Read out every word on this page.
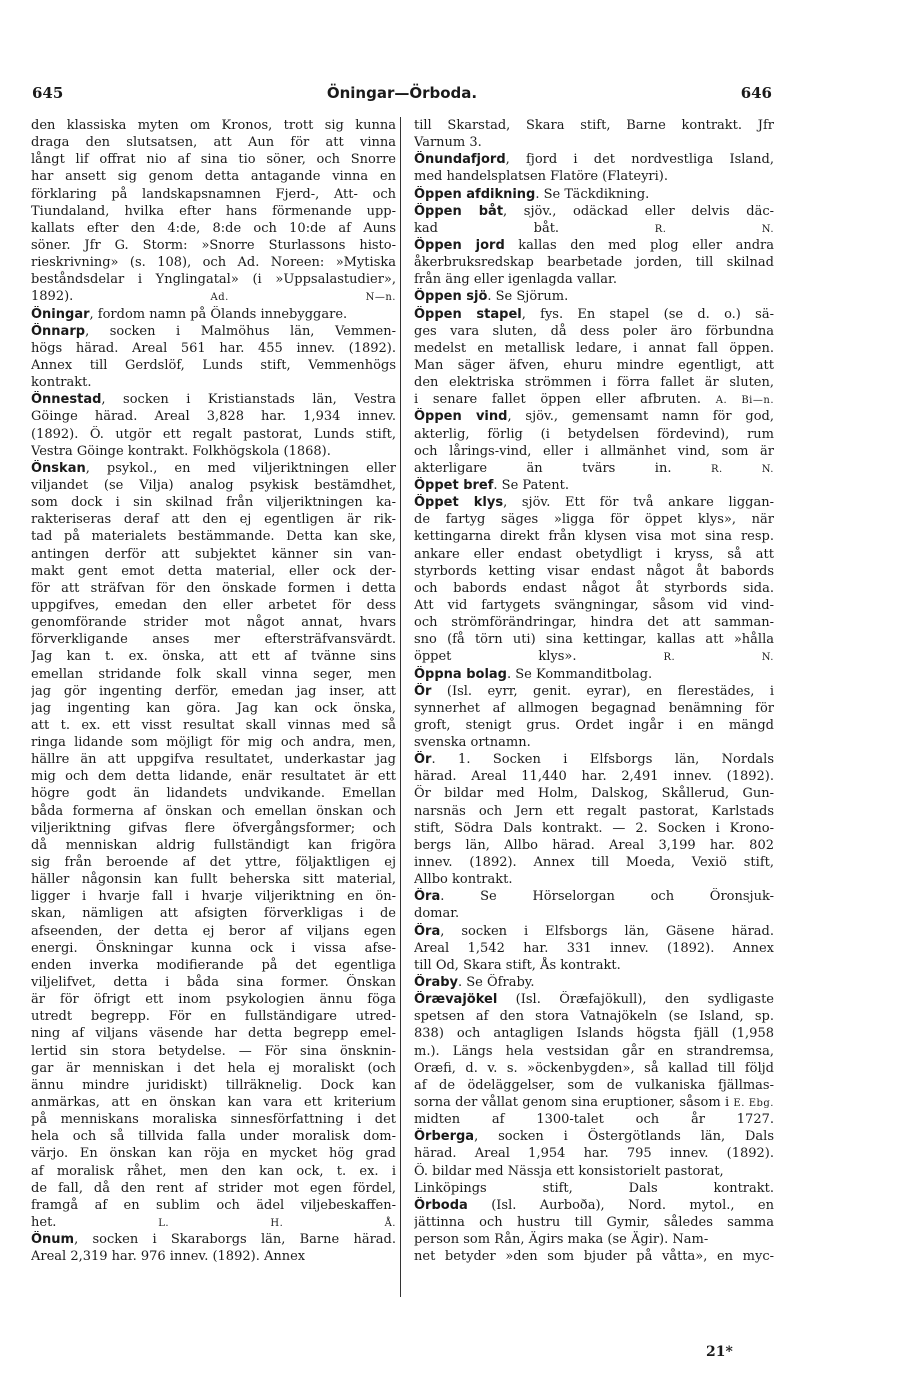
645	Öningar—Örboda.	646
den klassiska myten om Kronos, trott sig kunna
draga den slutsatsen, att Aun för att vinna
långt lif offrat nio af sina tio söner, och Snorre
har ansett sig genom detta antagande vinna en
förklaring på landskapsnamnen Fjerd-, Att- och
Tiundaland, hvilka efter hans förmenande upp-
kallats efter den 4:de, 8:de och 10:de af Auns
söner. Jfr G. Storm: »Snorre Sturlassons histo-
rieskrivning» (s. 108), och Ad. Noreen: »Mytiska
beståndsdelar i Ynglingatal» (i »Uppsalastudier»,
1892).	Ad. N—n.
Öningar, fordom namn på Ölands innebyggare.
Önnarp, socken i Malmöhus län, Vemmen-
högs härad. Areal 561 har. 455 innev. (1892).
Annex till Gerdslöf, Lunds stift, Vemmenhögs
kontrakt.
Önnestad, socken i Kristianstads län, Vestra
Göinge härad. Areal 3,828 har. 1,934 innev.
(1892). Ö. utgör ett regalt pastorat, Lunds stift,
Vestra Göinge kontrakt. Folkhögskola (1868).
Önskan, psykol., en med viljeriktningen eller
viljandet (se Vilja) analog psykisk bestämdhet,
som dock i sin skilnad från viljeriktningen ka-
rakteriseras deraf att den ej egentligen är rik-
tad på materialets bestämmande. Detta kan ske,
antingen derför att subjektet känner sin van-
makt gent emot detta material, eller ock der-
för att sträfvan för den önskade formen i detta
uppgifves, emedan den eller arbetet för dess
genomförande strider mot något annat, hvars
förverkligande anses mer eftersträfvansvärdt.
Jag kan t. ex. önska, att ett af tvänne sins
emellan stridande folk skall vinna seger, men
jag gör ingenting derför, emedan jag inser, att
jag ingenting kan göra. Jag kan ock önska,
att t. ex. ett visst resultat skall vinnas med så
ringa lidande som möjligt för mig och andra, men,
hällre än att uppgifva resultatet, underkastar jag
mig och dem detta lidande, enär resultatet är ett
högre godt än lidandets undvikande. Emellan
båda formerna af önskan och emellan önskan och
viljeriktning gifvas flere öfvergångsformer; och
då menniskan aldrig fullständigt kan frigöra
sig från beroende af det yttre, följaktligen ej
häller någonsin kan fullt beherska sitt material,
ligger i hvarje fall i hvarje viljeriktning en ön-
skan, nämligen att afsigten förverkligas i de
afseenden, der detta ej beror af viljans egen
energi. Önskningar kunna ock i vissa afse-
enden inverka modifierande på det egentliga
viljelifvet, detta i båda sina former. Önskan
är för öfrigt ett inom psykologien ännu föga
utredt begrepp. För en fullständigare utred-
ning af viljans väsende har detta begrepp emel-
lertid sin stora betydelse. — För sina önsknin-
gar är menniskan i det hela ej moraliskt (och
ännu mindre juridiskt) tillräknelig. Dock kan
anmärkas, att en önskan kan vara ett kriterium
på menniskans moraliska sinnesförfattning i det
hela och så tillvida falla under moralisk dom-
värjo. En önskan kan röja en mycket hög grad
af moralisk råhet, men den kan ock, t. ex. i
de fall, då den rent af strider mot egen fördel,
framgå af en sublim och ädel viljebeskaffen-
het.	L. H. Å.
Önum, socken i Skaraborgs län, Barne härad.
Areal 2,319 har. 976 innev. (1892). Annex
till Skarstad, Skara stift, Barne kontrakt. Jfr
Varnum 3.
Önundafjord, fjord i det nordvestliga Island,
med handelsplatsen Flatöre (Flateyri).
Öppen afdikning. Se Täckdikning.
Öppen båt, sjöv., odäckad eller delvis däc-
kad båt.	R. N.
Öppen jord kallas den med plog eller andra
åkerbruksredskap bearbetade jorden, till skilnad
från äng eller igenlagda vallar.
Öppen sjö. Se Sjörum.
Öppen stapel, fys. En stapel (se d. o.) sä-
ges vara sluten, då dess poler äro förbundna
medelst en metallisk ledare, i annat fall öppen.
Man säger äfven, ehuru mindre egentligt, att
den elektriska strömmen i förra fallet är sluten,
i senare fallet öppen eller afbruten. A. Bi—n.
Öppen vind, sjöv., gemensamt namn för god,
akterlig, förlig (i betydelsen fördevind), rum
och lårings-vind, eller i allmänhet vind, som är
akterligare än tvärs in.	R. N.
Öppet bref. Se Patent.
Öppet klys, sjöv. Ett för två ankare liggan-
de fartyg säges »ligga för öppet klys», när
kettingarna direkt från klysen visa mot sina resp.
ankare eller endast obetydligt i kryss, så att
styrbords ketting visar endast något åt babords
och babords endast något åt styrbords sida.
Att vid fartygets svängningar, såsom vid vind-
och strömförändringar, hindra det att samman-
sno (få törn uti) sina kettingar, kallas att »hålla
öppet klys».	R. N.
Öppna bolag. Se Kommanditbolag.
Ör (Isl. eyrr, genit. eyrar), en flerestädes, i
synnerhet af allmogen begagnad benämning för
groft, stenigt grus. Ordet ingår i en mängd
svenska ortnamn.
Ör. 1. Socken i Elfsborgs län, Nordals
härad. Areal 11,440 har. 2,491 innev. (1892).
Ör bildar med Holm, Dalskog, Skållerud, Gun-
narsnäs och Jern ett regalt pastorat, Karlstads
stift, Södra Dals kontrakt. — 2. Socken i Krono-
bergs län, Allbo härad. Areal 3,199 har. 802
innev. (1892). Annex till Moeda, Vexiö stift,
Allbo kontrakt.
Öra. Se Hörselorgan och Öronsjuk-
domar.
Öra, socken i Elfsborgs län, Gäsene härad.
Areal 1,542 har. 331 innev. (1892). Annex
till Od, Skara stift, Ås kontrakt.
Öraby. Se Öfraby.
Örævajökel (Isl. Öræfajökull), den sydligaste
spetsen af den stora Vatnajökeln (se Island, sp.
838) och antagligen Islands högsta fjäll (1,958
m.). Längs hela vestsidan går en strandremsa,
Oræfi, d. v. s. »öckenbygden», så kallad till följd
af de ödeläggelser, som de vulkaniska fjällmas-
sorna der vållat genom sina eruptioner, såsom i E. Ebg.
midten af 1300-talet och år 1727.
Örberga, socken i Östergötlands län, Dals
härad. Areal 1,954 har. 795 innev. (1892).
Ö. bildar med Nässja ett konsistorielt pastorat,
Linköpings stift, Dals kontrakt.
Örboda (Isl. Aurboða), Nord. mytol., en
jättinna och hustru till Gymir, således samma
person som Rån, Ägirs maka (se Ägir). Nam-
net betyder »den som bjuder på våtta», en myc-
21*
